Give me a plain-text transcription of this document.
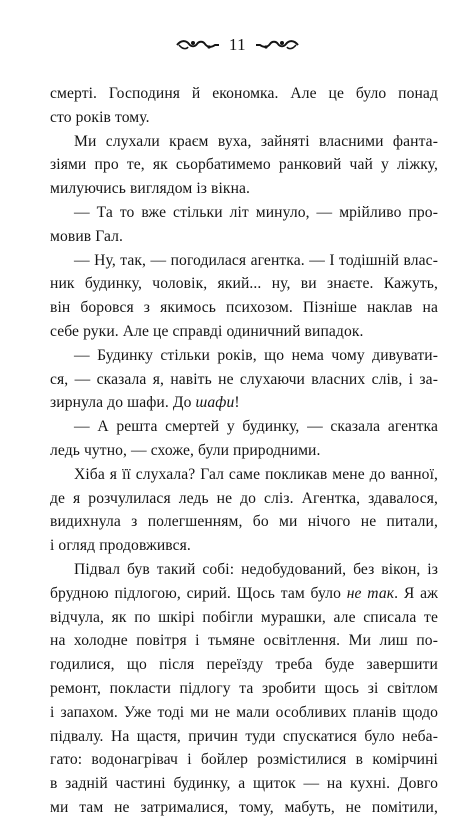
11

смерті. Господиня й економка. Але це було понад
сто років тому.

Ми слухали краєм вуха, зайняті власними фанта-
зіями про те, як сьорбатимемо ранковий чай у ліжку,
милуючись виглядом із вікна.

— Та то вже стільки літ минуло, — мрійливо про-
мовив Гал.

— Ну, так, — погодилася агентка. — І тодішній влас-
ник будинку, чоловік, який... ну, ви знаєте. Кажуть,
він боровся з якимось психозом. Пізніше наклав на
себе руки. Але це справді одиничний випадок.

— Будинку стільки років, що нема чому дивувати-
ся, — сказала я, навіть не слухаючи власних слів, і за-
зирнула до шафи. До шафи!

— А решта смертей у будинку, — сказала агентка
ледь чутно, — схоже, були природними.

Хіба я її слухала? Гал саме покликав мене до ванної,
де я розчулилася ледь не до сліз. Агентка, здавалося,
видихнула з полегшенням, бо ми нічого не питали,
і огляд продовжився.

Підвал був такий собі: недобудований, без вікон, із
брудною підлогою, сирий. Щось там було не так. Я аж
відчула, як по шкірі побігли мурашки, але списала те
на холодне повітря і тьмяне освітлення. Ми лиш по-
годилися, що після переїзду треба буде завершити
ремонт, покласти підлогу та зробити щось зі світлом
і запахом. Уже тоді ми не мали особливих планів щодо
підвалу. На щастя, причин туди спускатися було неба-
гато: водонагрівач і бойлер розмістилися в комірчині
в задній частині будинку, а щиток — на кухні. Довго
ми там не затрималися, тому, мабуть, не помітили,
